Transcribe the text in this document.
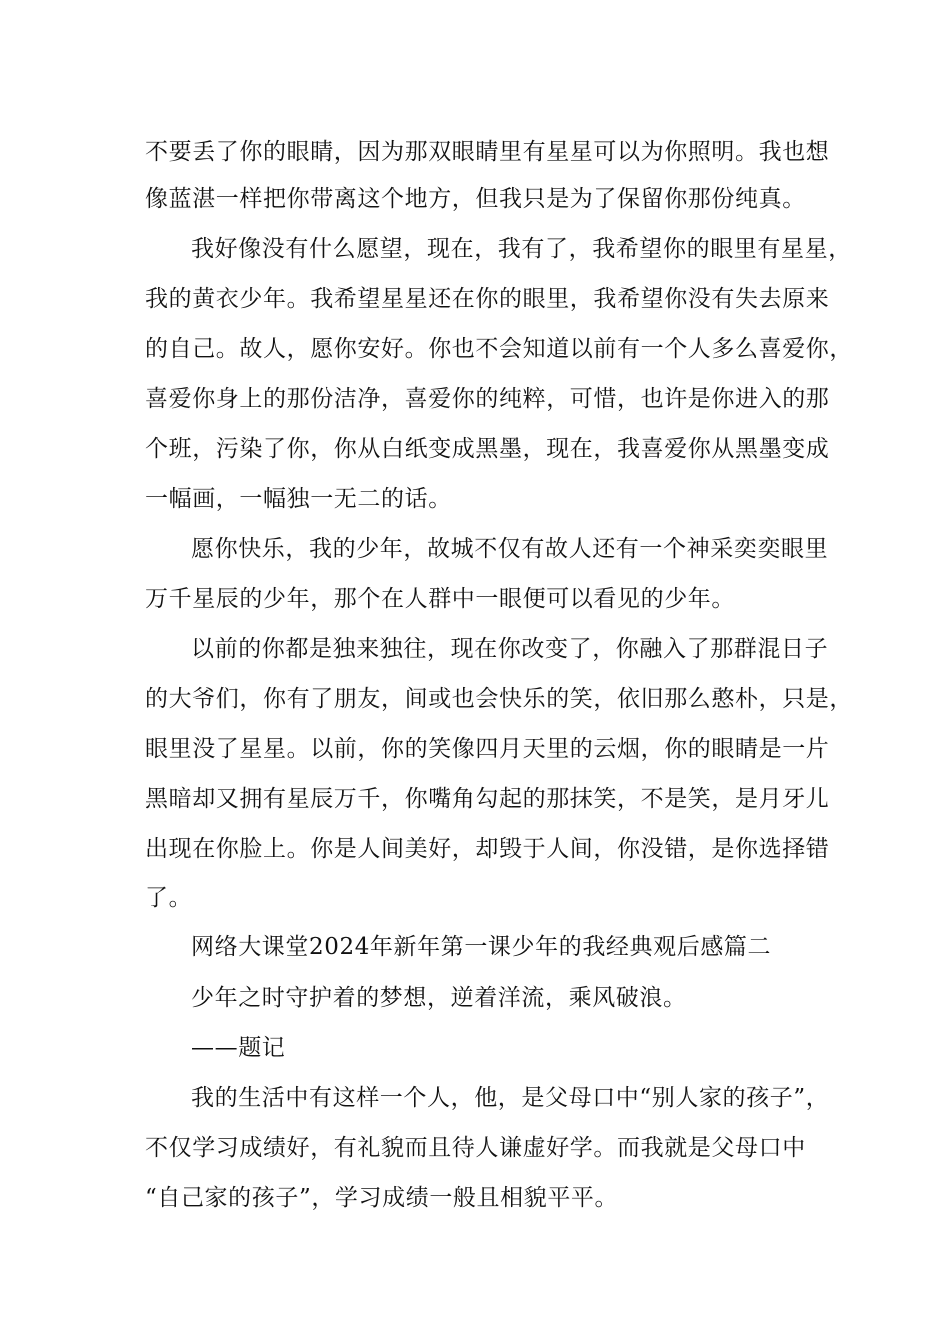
不要丢了你的眼睛，因为那双眼睛里有星星可以为你照明。我也想
像蓝湛一样把你带离这个地方，但我只是为了保留你那份纯真。
我好像没有什么愿望，现在，我有了，我希望你的眼里有星星，
我的黄衣少年。我希望星星还在你的眼里，我希望你没有失去原来
的自己。故人，愿你安好。你也不会知道以前有一个人多么喜爱你，
喜爱你身上的那份洁净，喜爱你的纯粹，可惜，也许是你进入的那
个班，污染了你，你从白纸变成黑墨，现在，我喜爱你从黑墨变成
一幅画，一幅独一无二的话。
愿你快乐，我的少年，故城不仅有故人还有一个神采奕奕眼里
万千星辰的少年，那个在人群中一眼便可以看见的少年。
以前的你都是独来独往，现在你改变了，你融入了那群混日子
的大爷们，你有了朋友，间或也会快乐的笑，依旧那么憨朴，只是，
眼里没了星星。以前，你的笑像四月天里的云烟，你的眼睛是一片
黑暗却又拥有星辰万千，你嘴角勾起的那抹笑，不是笑，是月牙儿
出现在你脸上。你是人间美好，却毁于人间，你没错，是你选择错
了。
网络大课堂2024年新年第一课少年的我经典观后感篇二
少年之时守护着的梦想，逆着洋流，乘风破浪。
——题记
我的生活中有这样一个人，他，是父母口中“别人家的孩子”，
不仅学习成绩好，有礼貌而且待人谦虚好学。而我就是父母口中
“自己家的孩子”，学习成绩一般且相貌平平。
